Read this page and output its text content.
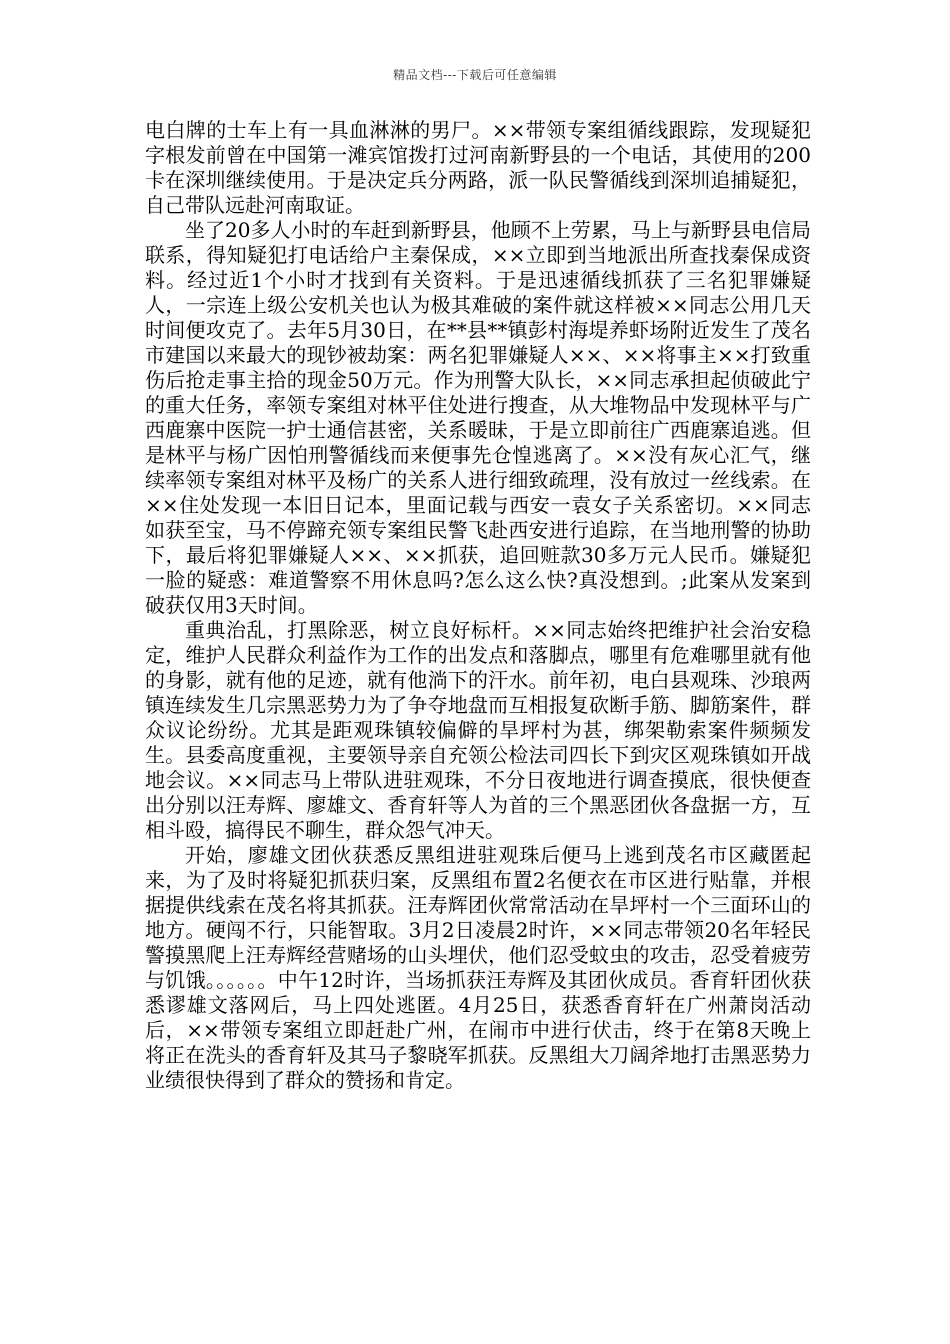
精品文档---下载后可任意编辑

电白牌的士车上有一具血淋淋的男尸。××带领专案组循线跟踪，发现疑犯字根发前曾在中国第一滩宾馆拨打过河南新野县的一个电话，其使用的200卡在深圳继续使用。于是决定兵分两路，派一队民警循线到深圳追捕疑犯，自己带队远赴河南取证。

坐了20多人小时的车赶到新野县，他顾不上劳累，马上与新野县电信局联系，得知疑犯打电话给户主秦保成，××立即到当地派出所查找秦保成资料。经过近1个小时才找到有关资料。于是迅速循线抓获了三名犯罪嫌疑人，一宗连上级公安机关也认为极其难破的案件就这样被××同志公用几天时间便攻克了。去年5月30日，在**县**镇彭村海堤养虾场附近发生了茂名市建国以来最大的现钞被劫案：两名犯罪嫌疑人××、××将事主××打致重伤后抢走事主拾的现金50万元。作为刑警大队长，××同志承担起侦破此宁的重大任务，率领专案组对林平住处进行搜查，从大堆物品中发现林平与广西鹿寨中医院一护士通信甚密，关系暖昧，于是立即前往广西鹿寨追逃。但是林平与杨广因怕刑警循线而来便事先仓惶逃离了。××没有灰心汇气，继续率领专案组对林平及杨广的关系人进行细致疏理，没有放过一丝线索。在××住处发现一本旧日记本，里面记载与西安一袁女子关系密切。××同志如获至宝，马不停蹄充领专案组民警飞赴西安进行追踪，在当地刑警的协助下，最后将犯罪嫌疑人××、××抓获，追回赃款30多万元人民币。嫌疑犯一脸的疑惑：难道警察不用休息吗?怎么这么快?真没想到。;此案从发案到破获仅用3天时间。

重典治乱，打黑除恶，树立良好标杆。××同志始终把维护社会治安稳定，维护人民群众利益作为工作的出发点和落脚点，哪里有危难哪里就有他的身影，就有他的足迹，就有他淌下的汗水。前年初，电白县观珠、沙琅两镇连续发生几宗黑恶势力为了争夺地盘而互相报复砍断手筋、脚筋案件，群众议论纷纷。尤其是距观珠镇较偏僻的旱坪村为甚，绑架勒索案件频频发生。县委高度重视，主要领导亲自充领公检法司四长下到灾区观珠镇如开战地会议。××同志马上带队进驻观珠，不分日夜地进行调查摸底，很快便查出分别以汪寿辉、廖雄文、香育轩等人为首的三个黑恶团伙各盘据一方，互相斗殴，搞得民不聊生，群众怨气冲天。

开始，廖雄文团伙获悉反黑组进驻观珠后便马上逃到茂名市区藏匿起来，为了及时将疑犯抓获归案，反黑组布置2名便衣在市区进行贴靠，并根据提供线索在茂名将其抓获。汪寿辉团伙常常活动在旱坪村一个三面环山的地方。硬闯不行，只能智取。3月2日凌晨2时许，××同志带领20名年轻民警摸黑爬上汪寿辉经营赌场的山头埋伏，他们忍受蚊虫的攻击，忍受着疲劳与饥饿。。。。。。中午12时许，当场抓获汪寿辉及其团伙成员。香育轩团伙获悉谬雄文落网后，马上四处逃匿。4月25日，获悉香育轩在广州萧岗活动后，××带领专案组立即赶赴广州，在闹市中进行伏击，终于在第8天晚上将正在洗头的香育轩及其马子黎晓军抓获。反黑组大刀阔斧地打击黑恶势力业绩很快得到了群众的赞扬和肯定。
